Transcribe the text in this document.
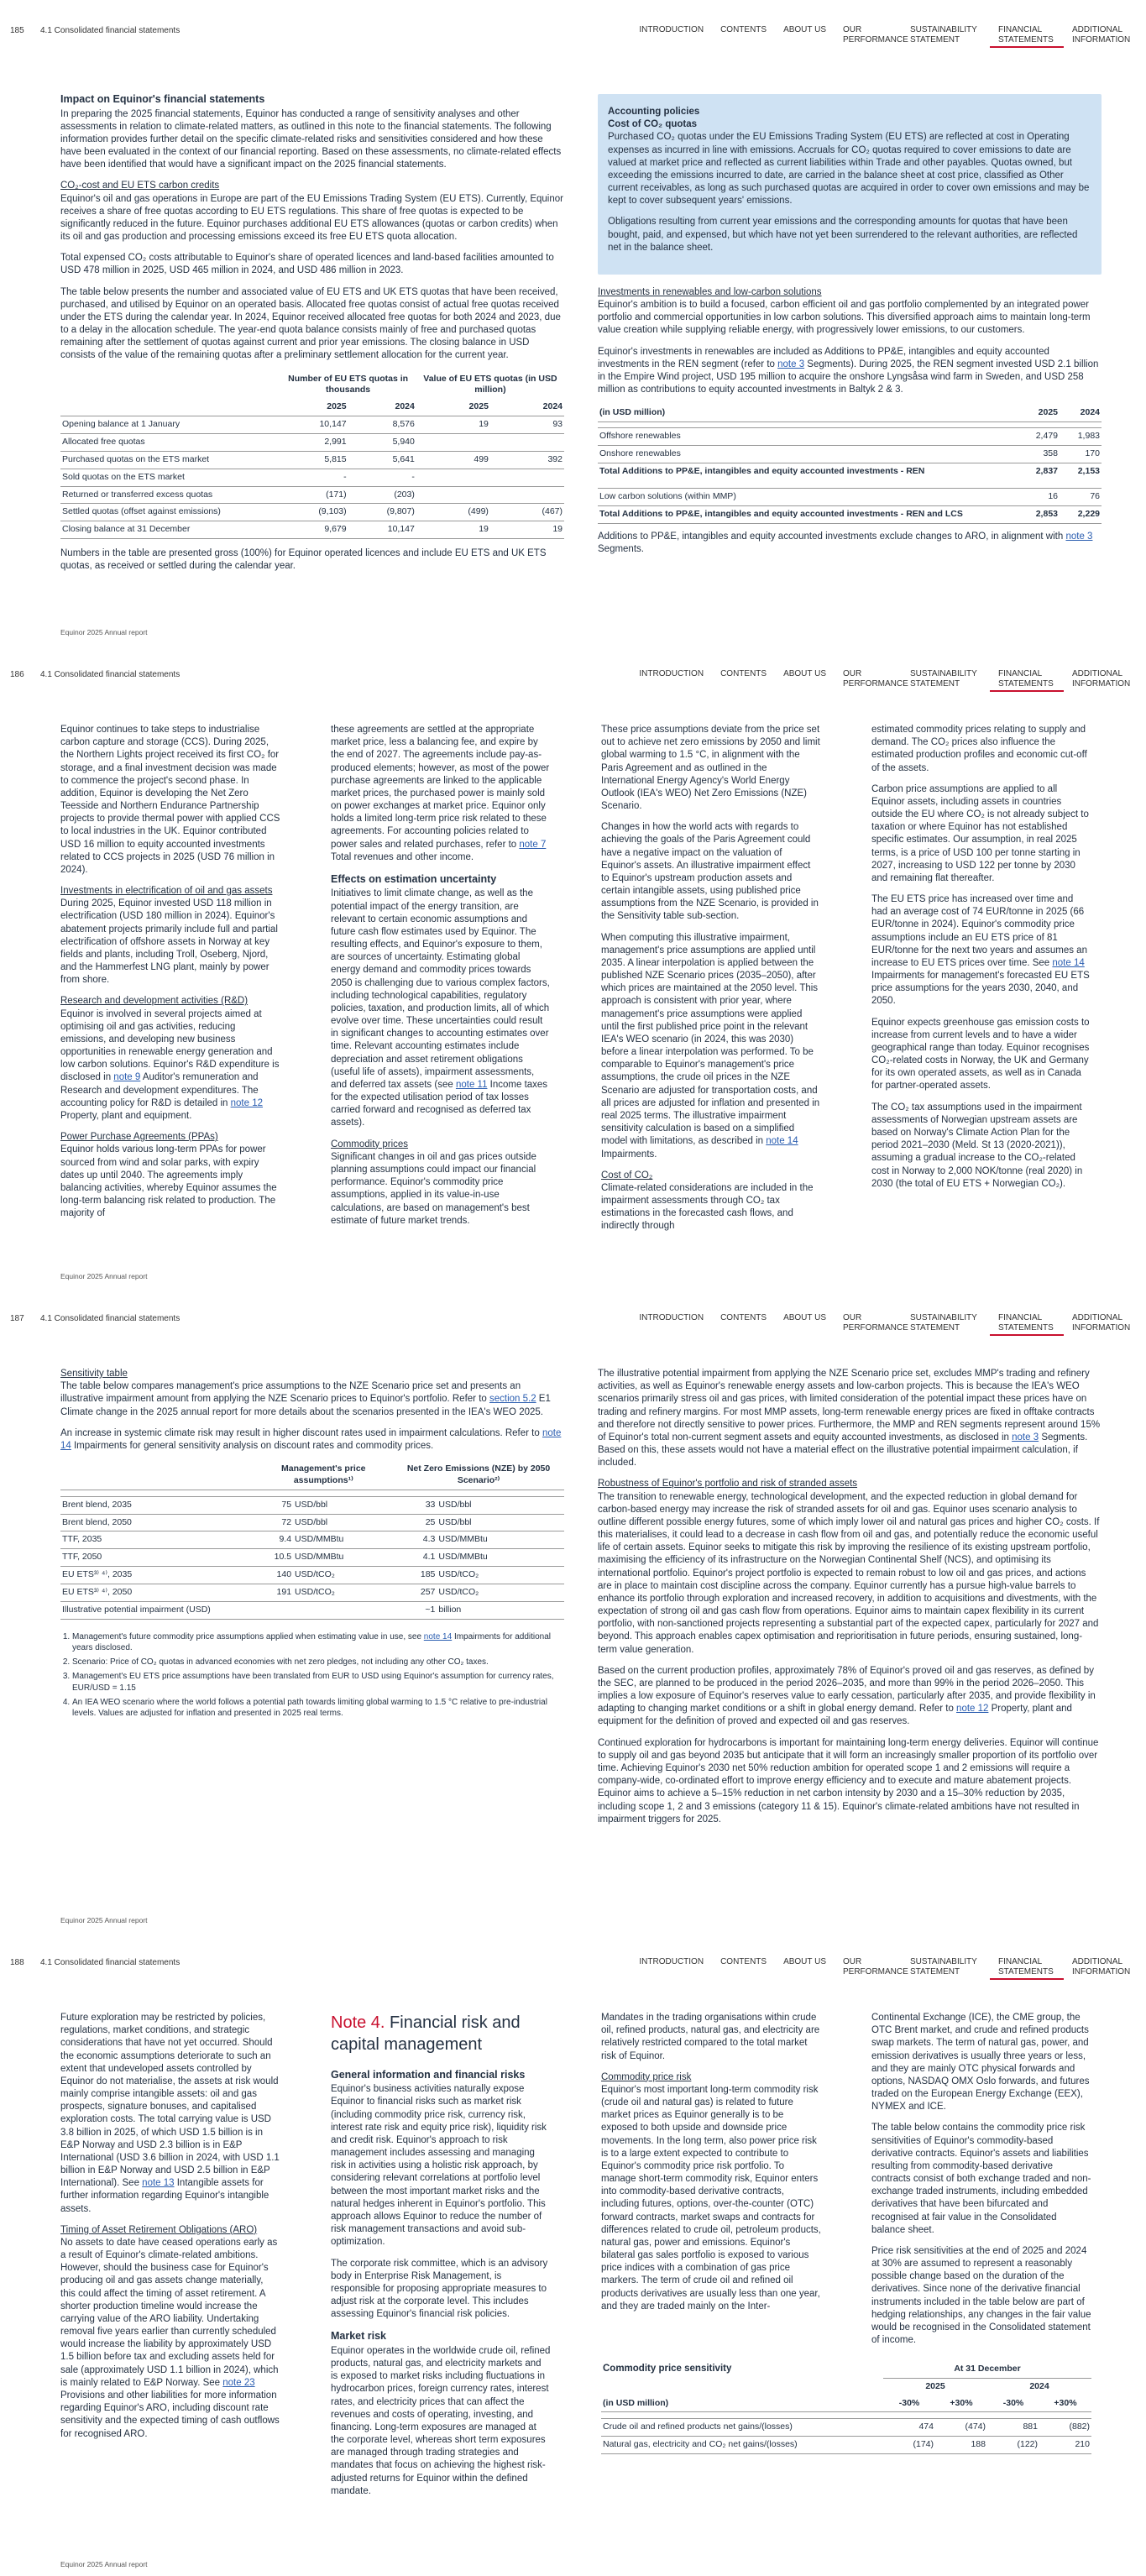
185	4.1 Consolidated financial statements	INTRODUCTION	CONTENTS	ABOUT US	OUR PERFORMANCE
SUSTAINABILITY STATEMENT
FINANCIAL STATEMENTS
ADDITIONAL INFORMATION
Impact on Equinor's financial statements

In preparing the 2025 financial statements, Equinor has conducted a range of sensitivity analyses and other assessments in relation to climate-related matters, as outlined in this note to the financial statements. The following information provides further detail on the specific climate-related risks and sensitivities considered and how these have been evaluated in the context of our financial reporting. Based on these assessments, no climate-related effects have been identified that would have a significant impact on the 2025 financial statements.

CO₂-cost and EU ETS carbon credits

Equinor's oil and gas operations in Europe are part of the EU Emissions Trading System (EU ETS). Currently, Equinor receives a share of free quotas according to EU ETS regulations. This share of free quotas is expected to be significantly reduced in the future. Equinor purchases additional EU ETS allowances (quotas or carbon credits) when its oil and gas production and processing emissions exceed its free EU ETS quota allocation.

Total expensed CO₂ costs attributable to Equinor's share of operated licences and land-based facilities amounted to USD 478 million in 2025, USD 465 million in 2024, and USD 486 million in 2023.

The table below presents the number and associated value of EU ETS and UK ETS quotas that have been received, purchased, and utilised by Equinor on an operated basis. Allocated free quotas consist of actual free quotas received under the ETS during the calendar year. In 2024, Equinor received allocated free quotas for both 2024 and 2023, due to a delay in the allocation schedule. The year-end quota balance consists mainly of free and purchased quotas remaining after the settlement of quotas against current and prior year emissions. The closing balance in USD consists of the value of the remaining quotas after a preliminary settlement allocation for the current year.

	Number of EU ETS quotas in thousands		Value of EU ETS quotas (in USD million)	
	2025	2024	2025	2024
Opening balance at 1 January	10,147	8,576	19	93
Allocated free quotas	2,991	5,940		
Purchased quotas on the ETS market	5,815	5,641	499	392
Sold quotas on the ETS market	-	-		
Returned or transferred excess quotas	(171)	(203)		
Settled quotas (offset against emissions)	(9,103)	(9,807)	(499)	(467)
Closing balance at 31 December	9,679	10,147	19	19

Numbers in the table are presented gross (100%) for Equinor operated licences and include EU ETS and UK ETS quotas, as received or settled during the calendar year.

Accounting policies
Cost of CO₂ quotas

Purchased CO₂ quotas under the EU Emissions Trading System (EU ETS) are reflected at cost in Operating expenses as incurred in line with emissions. Accruals for CO₂ quotas required to cover emissions to date are valued at market price and reflected as current liabilities within Trade and other payables. Quotas owned, but exceeding the emissions incurred to date, are carried in the balance sheet at cost price, classified as Other current receivables, as long as such purchased quotas are acquired in order to cover own emissions and may be kept to cover subsequent years' emissions.

Obligations resulting from current year emissions and the corresponding amounts for quotas that have been bought, paid, and expensed, but which have not yet been surrendered to the relevant authorities, are reflected net in the balance sheet.

Investments in renewables and low-carbon solutions

Equinor's ambition is to build a focused, carbon efficient oil and gas portfolio complemented by an integrated power portfolio and commercial opportunities in low carbon solutions. This diversified approach aims to maintain long-term value creation while supplying reliable energy, with progressively lower emissions, to our customers.

Equinor's investments in renewables are included as Additions to PP&E, intangibles and equity accounted investments in the REN segment (refer to note 3 Segments). During 2025, the REN segment invested USD 2.1 billion in the Empire Wind project, USD 195 million to acquire the onshore Lyngsåsa wind farm in Sweden, and USD 258 million as contributions to equity accounted investments in Baltyk 2 & 3.

(in USD million)	2025	2024

Offshore renewables	2,479	1,983
Onshore renewables	358	170
Total Additions to PP&E, intangibles and equity accounted investments - REN	2,837	2,153

Low carbon solutions (within MMP)	16	76
Total Additions to PP&E, intangibles and equity accounted investments - REN and LCS	2,853	2,229

Additions to PP&E, intangibles and equity accounted investments exclude changes to ARO, in alignment with note 3 Segments.

Equinor 2025 Annual report
186	4.1 Consolidated financial statements	INTRODUCTION	CONTENTS	ABOUT US	OUR PERFORMANCE
SUSTAINABILITY STATEMENT
FINANCIAL STATEMENTS
ADDITIONAL INFORMATION

Equinor continues to take steps to industrialise carbon capture and storage (CCS). During 2025, the Northern Lights project received its first CO₂ for storage, and a final investment decision was made to commence the project's second phase. In addition, Equinor is developing the Net Zero Teesside and Northern Endurance Partnership projects to provide thermal power with applied CCS to local industries in the UK. Equinor contributed USD 16 million to equity accounted investments related to CCS projects in 2025 (USD 76 million in 2024).

Investments in electrification of oil and gas assets

During 2025, Equinor invested USD 118 million in electrification (USD 180 million in 2024). Equinor's abatement projects primarily include full and partial electrification of offshore assets in Norway at key fields and plants, including Troll, Oseberg, Njord, and the Hammerfest LNG plant, mainly by power from shore.

Research and development activities (R&D)

Equinor is involved in several projects aimed at optimising oil and gas activities, reducing emissions, and developing new business opportunities in renewable energy generation and low carbon solutions. Equinor's R&D expenditure is disclosed in note 9 Auditor's remuneration and Research and development expenditures. The accounting policy for R&D is detailed in note 12 Property, plant and equipment.

Power Purchase Agreements (PPAs)

Equinor holds various long-term PPAs for power sourced from wind and solar parks, with expiry dates up until 2040. The agreements imply balancing activities, whereby Equinor assumes the long-term balancing risk related to production. The majority of

these agreements are settled at the appropriate market price, less a balancing fee, and expire by the end of 2027. The agreements include pay-as-produced elements; however, as most of the power purchase agreements are linked to the applicable market prices, the purchased power is mainly sold on power exchanges at market price. Equinor only holds a limited long-term price risk related to these agreements. For accounting policies related to power sales and related purchases, refer to note 7 Total revenues and other income.

Effects on estimation uncertainty

Initiatives to limit climate change, as well as the potential impact of the energy transition, are relevant to certain economic assumptions and future cash flow estimates used by Equinor. The resulting effects, and Equinor's exposure to them, are sources of uncertainty. Estimating global energy demand and commodity prices towards 2050 is challenging due to various complex factors, including technological capabilities, regulatory policies, taxation, and production limits, all of which evolve over time. These uncertainties could result in significant changes to accounting estimates over time. Relevant accounting estimates include depreciation and asset retirement obligations (useful life of assets), impairment assessments, and deferred tax assets (see note 11 Income taxes for the expected utilisation period of tax losses carried forward and recognised as deferred tax assets).

Commodity prices

Significant changes in oil and gas prices outside planning assumptions could impact our financial performance. Equinor's commodity price assumptions, applied in its value-in-use calculations, are based on management's best estimate of future market trends.

These price assumptions deviate from the price set out to achieve net zero emissions by 2050 and limit global warming to 1.5 °C, in alignment with the Paris Agreement and as outlined in the International Energy Agency's World Energy Outlook (IEA's WEO) Net Zero Emissions (NZE) Scenario.

Changes in how the world acts with regards to achieving the goals of the Paris Agreement could have a negative impact on the valuation of Equinor's assets. An illustrative impairment effect to Equinor's upstream production assets and certain intangible assets, using published price assumptions from the NZE Scenario, is provided in the Sensitivity table sub-section.

When computing this illustrative impairment, management's price assumptions are applied until 2035. A linear interpolation is applied between the published NZE Scenario prices (2035–2050), after which prices are maintained at the 2050 level. This approach is consistent with prior year, where management's price assumptions were applied until the first published price point in the relevant IEA's WEO scenario (in 2024, this was 2030) before a linear interpolation was performed. To be comparable to Equinor's management's price assumptions, the crude oil prices in the NZE Scenario are adjusted for transportation costs, and all prices are adjusted for inflation and presented in real 2025 terms. The illustrative impairment sensitivity calculation is based on a simplified model with limitations, as described in note 14 Impairments.

Cost of CO₂

Climate-related considerations are included in the impairment assessments through CO₂ tax estimations in the forecasted cash flows, and indirectly through

estimated commodity prices relating to supply and demand. The CO₂ prices also influence the estimated production profiles and economic cut-off of the assets.

Carbon price assumptions are applied to all Equinor assets, including assets in countries outside the EU where CO₂ is not already subject to taxation or where Equinor has not established specific estimates. Our assumption, in real 2025 terms, is a price of USD 100 per tonne starting in 2027, increasing to USD 122 per tonne by 2030 and remaining flat thereafter.

The EU ETS price has increased over time and had an average cost of 74 EUR/tonne in 2025 (66 EUR/tonne in 2024). Equinor's commodity price assumptions include an EU ETS price of 81 EUR/tonne for the next two years and assumes an increase to EU ETS prices over time. See note 14 Impairments for management's forecasted EU ETS price assumptions for the years 2030, 2040, and 2050.

Equinor expects greenhouse gas emission costs to increase from current levels and to have a wider geographical range than today. Equinor recognises CO₂-related costs in Norway, the UK and Germany for its own operated assets, as well as in Canada for partner-operated assets.

The CO₂ tax assumptions used in the impairment assessments of Norwegian upstream assets are based on Norway's Climate Action Plan for the period 2021–2030 (Meld. St 13 (2020-2021)), assuming a gradual increase to the CO₂-related cost in Norway to 2,000 NOK/tonne (real 2020) in 2030 (the total of EU ETS + Norwegian CO₂).

Equinor 2025 Annual report
187	4.1 Consolidated financial statements	INTRODUCTION	CONTENTS	ABOUT US	OUR PERFORMANCE
SUSTAINABILITY STATEMENT
FINANCIAL STATEMENTS
ADDITIONAL INFORMATION
Sensitivity table

The table below compares management's price assumptions to the NZE Scenario price set and presents an illustrative impairment amount from applying the NZE Scenario prices to Equinor's portfolio. Refer to section 5.2 E1 Climate change in the 2025 annual report for more details about the scenarios presented in the IEA's WEO 2025.

An increase in systemic climate risk may result in higher discount rates used in impairment calculations. Refer to note 14 Impairments for general sensitivity analysis on discount rates and commodity prices.

	Management's price assumptions¹⁾		Net Zero Emissions (NZE) by 2050 Scenario²⁾	

Brent blend, 2035	75	USD/bbl	33	USD/bbl
Brent blend, 2050	72	USD/bbl	25	USD/bbl
TTF, 2035	9.4	USD/MMBtu	4.3	USD/MMBtu
TTF, 2050	10.5	USD/MMBtu	4.1	USD/MMBtu
EU ETS³⁾ ⁴⁾, 2035	140	USD/tCO₂	185	USD/tCO₂
EU ETS³⁾ ⁴⁾, 2050	191	USD/tCO₂	257	USD/tCO₂
Illustrative potential impairment (USD)			~1	billion
1. Management's future commodity price assumptions applied when estimating value in use, see note 14 Impairments for additional years disclosed.
2. Scenario: Price of CO₂ quotas in advanced economies with net zero pledges, not including any other CO₂ taxes.
3. Management's EU ETS price assumptions have been translated from EUR to USD using Equinor's assumption for currency rates, EUR/USD = 1.15
4. An IEA WEO scenario where the world follows a potential path towards limiting global warming to 1.5 °C relative to pre-industrial levels. Values are adjusted for inflation and presented in 2025 real terms.

The illustrative potential impairment from applying the NZE Scenario price set, excludes MMP's trading and refinery activities, as well as Equinor's renewable energy assets and low-carbon projects. This is because the IEA's WEO scenarios primarily stress oil and gas prices, with limited consideration of the potential impact these prices have on trading and refinery margins. For most MMP assets, long-term renewable energy prices are fixed in offtake contracts and therefore not directly sensitive to power prices. Furthermore, the MMP and REN segments represent around 15% of Equinor's total non-current segment assets and equity accounted investments, as disclosed in note 3 Segments. Based on this, these assets would not have a material effect on the illustrative potential impairment calculation, if included.

Robustness of Equinor's portfolio and risk of stranded assets

The transition to renewable energy, technological development, and the expected reduction in global demand for carbon-based energy may increase the risk of stranded assets for oil and gas. Equinor uses scenario analysis to outline different possible energy futures, some of which imply lower oil and natural gas prices and higher CO₂ costs. If this materialises, it could lead to a decrease in cash flow from oil and gas, and potentially reduce the economic useful life of certain assets. Equinor seeks to mitigate this risk by improving the resilience of its existing upstream portfolio, maximising the efficiency of its infrastructure on the Norwegian Continental Shelf (NCS), and optimising its international portfolio. Equinor's project portfolio is expected to remain robust to low oil and gas prices, and actions are in place to maintain cost discipline across the company. Equinor currently has a pursue high-value barrels to enhance its portfolio through exploration and increased recovery, in addition to acquisitions and divestments, with the expectation of strong oil and gas cash flow from operations. Equinor aims to maintain capex flexibility in its current portfolio, with non-sanctioned projects representing a substantial part of the expected capex, particularly for 2027 and beyond. This approach enables capex optimisation and reprioritisation in future periods, ensuring sustained, long-term value generation.

Based on the current production profiles, approximately 78% of Equinor's proved oil and gas reserves, as defined by the SEC, are planned to be produced in the period 2026–2035, and more than 99% in the period 2026–2050. This implies a low exposure of Equinor's reserves value to early cessation, particularly after 2035, and provide flexibility in adapting to changing market conditions or a shift in global energy demand. Refer to note 12 Property, plant and equipment for the definition of proved and expected oil and gas reserves.

Continued exploration for hydrocarbons is important for maintaining long-term energy deliveries. Equinor will continue to supply oil and gas beyond 2035 but anticipate that it will form an increasingly smaller proportion of its portfolio over time. Achieving Equinor's 2030 net 50% reduction ambition for operated scope 1 and 2 emissions will require a company-wide, co-ordinated effort to improve energy efficiency and to execute and mature abatement projects. Equinor aims to achieve a 5–15% reduction in net carbon intensity by 2030 and a 15–30% reduction by 2035, including scope 1, 2 and 3 emissions (category 11 & 15). Equinor's climate-related ambitions have not resulted in impairment triggers for 2025.

Equinor 2025 Annual report
188	4.1 Consolidated financial statements	INTRODUCTION	CONTENTS	ABOUT US	OUR PERFORMANCE
SUSTAINABILITY STATEMENT
FINANCIAL STATEMENTS
ADDITIONAL INFORMATION

Future exploration may be restricted by policies, regulations, market conditions, and strategic considerations that have not yet occurred. Should the economic assumptions deteriorate to such an extent that undeveloped assets controlled by Equinor do not materialise, the assets at risk would mainly comprise intangible assets: oil and gas prospects, signature bonuses, and capitalised exploration costs. The total carrying value is USD 3.8 billion in 2025, of which USD 1.5 billion is in E&P Norway and USD 2.3 billion is in E&P International (USD 3.6 billion in 2024, with USD 1.1 billion in E&P Norway and USD 2.5 billion in E&P International). See note 13 Intangible assets for further information regarding Equinor's intangible assets.

Timing of Asset Retirement Obligations (ARO)

No assets to date have ceased operations early as a result of Equinor's climate-related ambitions. However, should the business case for Equinor's producing oil and gas assets change materially, this could affect the timing of asset retirement. A shorter production timeline would increase the carrying value of the ARO liability. Undertaking removal five years earlier than currently scheduled would increase the liability by approximately USD 1.5 billion before tax and excluding assets held for sale (approximately USD 1.1 billion in 2024), which is mainly related to E&P Norway. See note 23 Provisions and other liabilities for more information regarding Equinor's ARO, including discount rate sensitivity and the expected timing of cash outflows for recognised ARO.

Note 4. Financial risk and capital management
General information and financial risks

Equinor's business activities naturally expose Equinor to financial risks such as market risk (including commodity price risk, currency risk, interest rate risk and equity price risk), liquidity risk and credit risk. Equinor's approach to risk management includes assessing and managing risk in activities using a holistic risk approach, by considering relevant correlations at portfolio level between the most important market risks and the natural hedges inherent in Equinor's portfolio. This approach allows Equinor to reduce the number of risk management transactions and avoid sub-optimization.

The corporate risk committee, which is an advisory body in Enterprise Risk Management, is responsible for proposing appropriate measures to adjust risk at the corporate level. This includes assessing Equinor's financial risk policies.

Market risk

Equinor operates in the worldwide crude oil, refined products, natural gas, and electricity markets and is exposed to market risks including fluctuations in hydrocarbon prices, foreign currency rates, interest rates, and electricity prices that can affect the revenues and costs of operating, investing, and financing. Long-term exposures are managed at the corporate level, whereas short term exposures are managed through trading strategies and mandates that focus on achieving the highest risk-adjusted returns for Equinor within the defined mandate.

Mandates in the trading organisations within crude oil, refined products, natural gas, and electricity are relatively restricted compared to the total market risk of Equinor.

Commodity price risk

Equinor's most important long-term commodity risk (crude oil and natural gas) is related to future market prices as Equinor generally is to be exposed to both upside and downside price movements. In the long term, also power price risk is to a large extent expected to contribute to Equinor's commodity price risk portfolio. To manage short-term commodity risk, Equinor enters into commodity-based derivative contracts, including futures, options, over-the-counter (OTC) forward contracts, market swaps and contracts for differences related to crude oil, petroleum products, natural gas, power and emissions. Equinor's bilateral gas sales portfolio is exposed to various price indices with a combination of gas price markers. The term of crude oil and refined oil products derivatives are usually less than one year, and they are traded mainly on the Inter-

Continental Exchange (ICE), the CME group, the OTC Brent market, and crude and refined products swap markets. The term of natural gas, power, and emission derivatives is usually three years or less, and they are mainly OTC physical forwards and options, NASDAQ OMX Oslo forwards, and futures traded on the European Energy Exchange (EEX), NYMEX and ICE.

The table below contains the commodity price risk sensitivities of Equinor's commodity-based derivative contracts. Equinor's assets and liabilities resulting from commodity-based derivative contracts consist of both exchange traded and non-exchange traded instruments, including embedded derivatives that have been bifurcated and recognised at fair value in the Consolidated balance sheet.

Price risk sensitivities at the end of 2025 and 2024 at 30% are assumed to represent a reasonably possible change based on the duration of the derivatives. Since none of the derivative financial instruments included in the table below are part of hedging relationships, any changes in the fair value would be recognised in the Consolidated statement of income.

Commodity price sensitivity	At 31 December			
	2025		2024	
(in USD million)	-30%	+30%	-30%	+30%

Crude oil and refined products net gains/(losses)	474	(474)	881	(882)
Natural gas, electricity and CO₂ net gains/(losses)	(174)	188	(122)	210
Equinor 2025 Annual report
